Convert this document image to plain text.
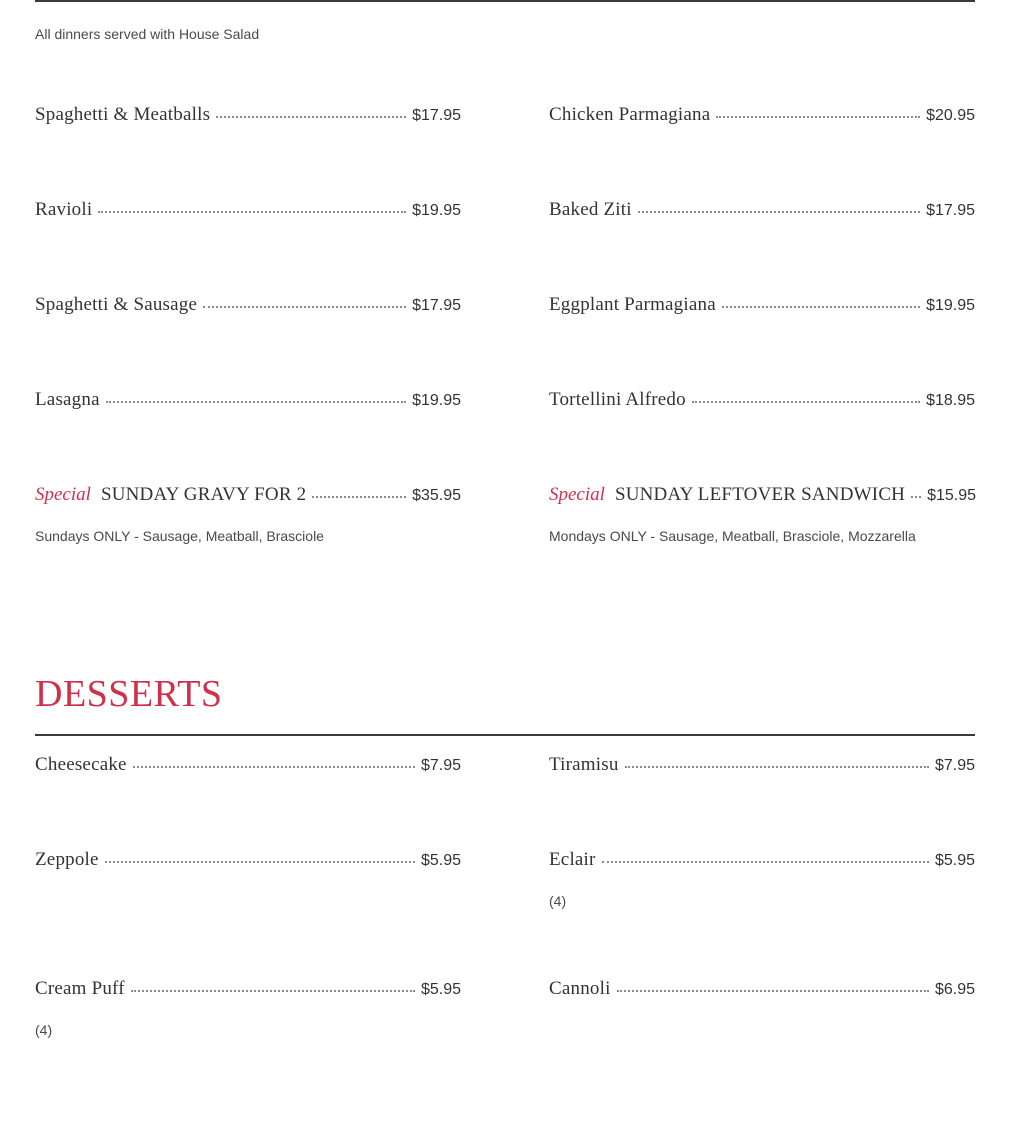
All dinners served with House Salad
Spaghetti & Meatballs	$17.95	Chicken Parmagiana	$20.95
Ravioli	$19.95	Baked Ziti	$17.95
Spaghetti & Sausage	$17.95	Eggplant Parmagiana	$19.95
Lasagna	$19.95	Tortellini Alfredo	$18.95
Special SUNDAY GRAVY FOR 2	$35.95
Sundays ONLY - Sausage, Meatball, Brasciole
Special SUNDAY LEFTOVER SANDWICH $15.95
Mondays ONLY - Sausage, Meatball, Brasciole, Mozzarella
DESSERTS
Cheesecake	$7.95	Tiramisu	$7.95
Zeppole	$5.95	Eclair	$5.95
(4)
Cream Puff	$5.95
(4)
Cannoli	$6.95
